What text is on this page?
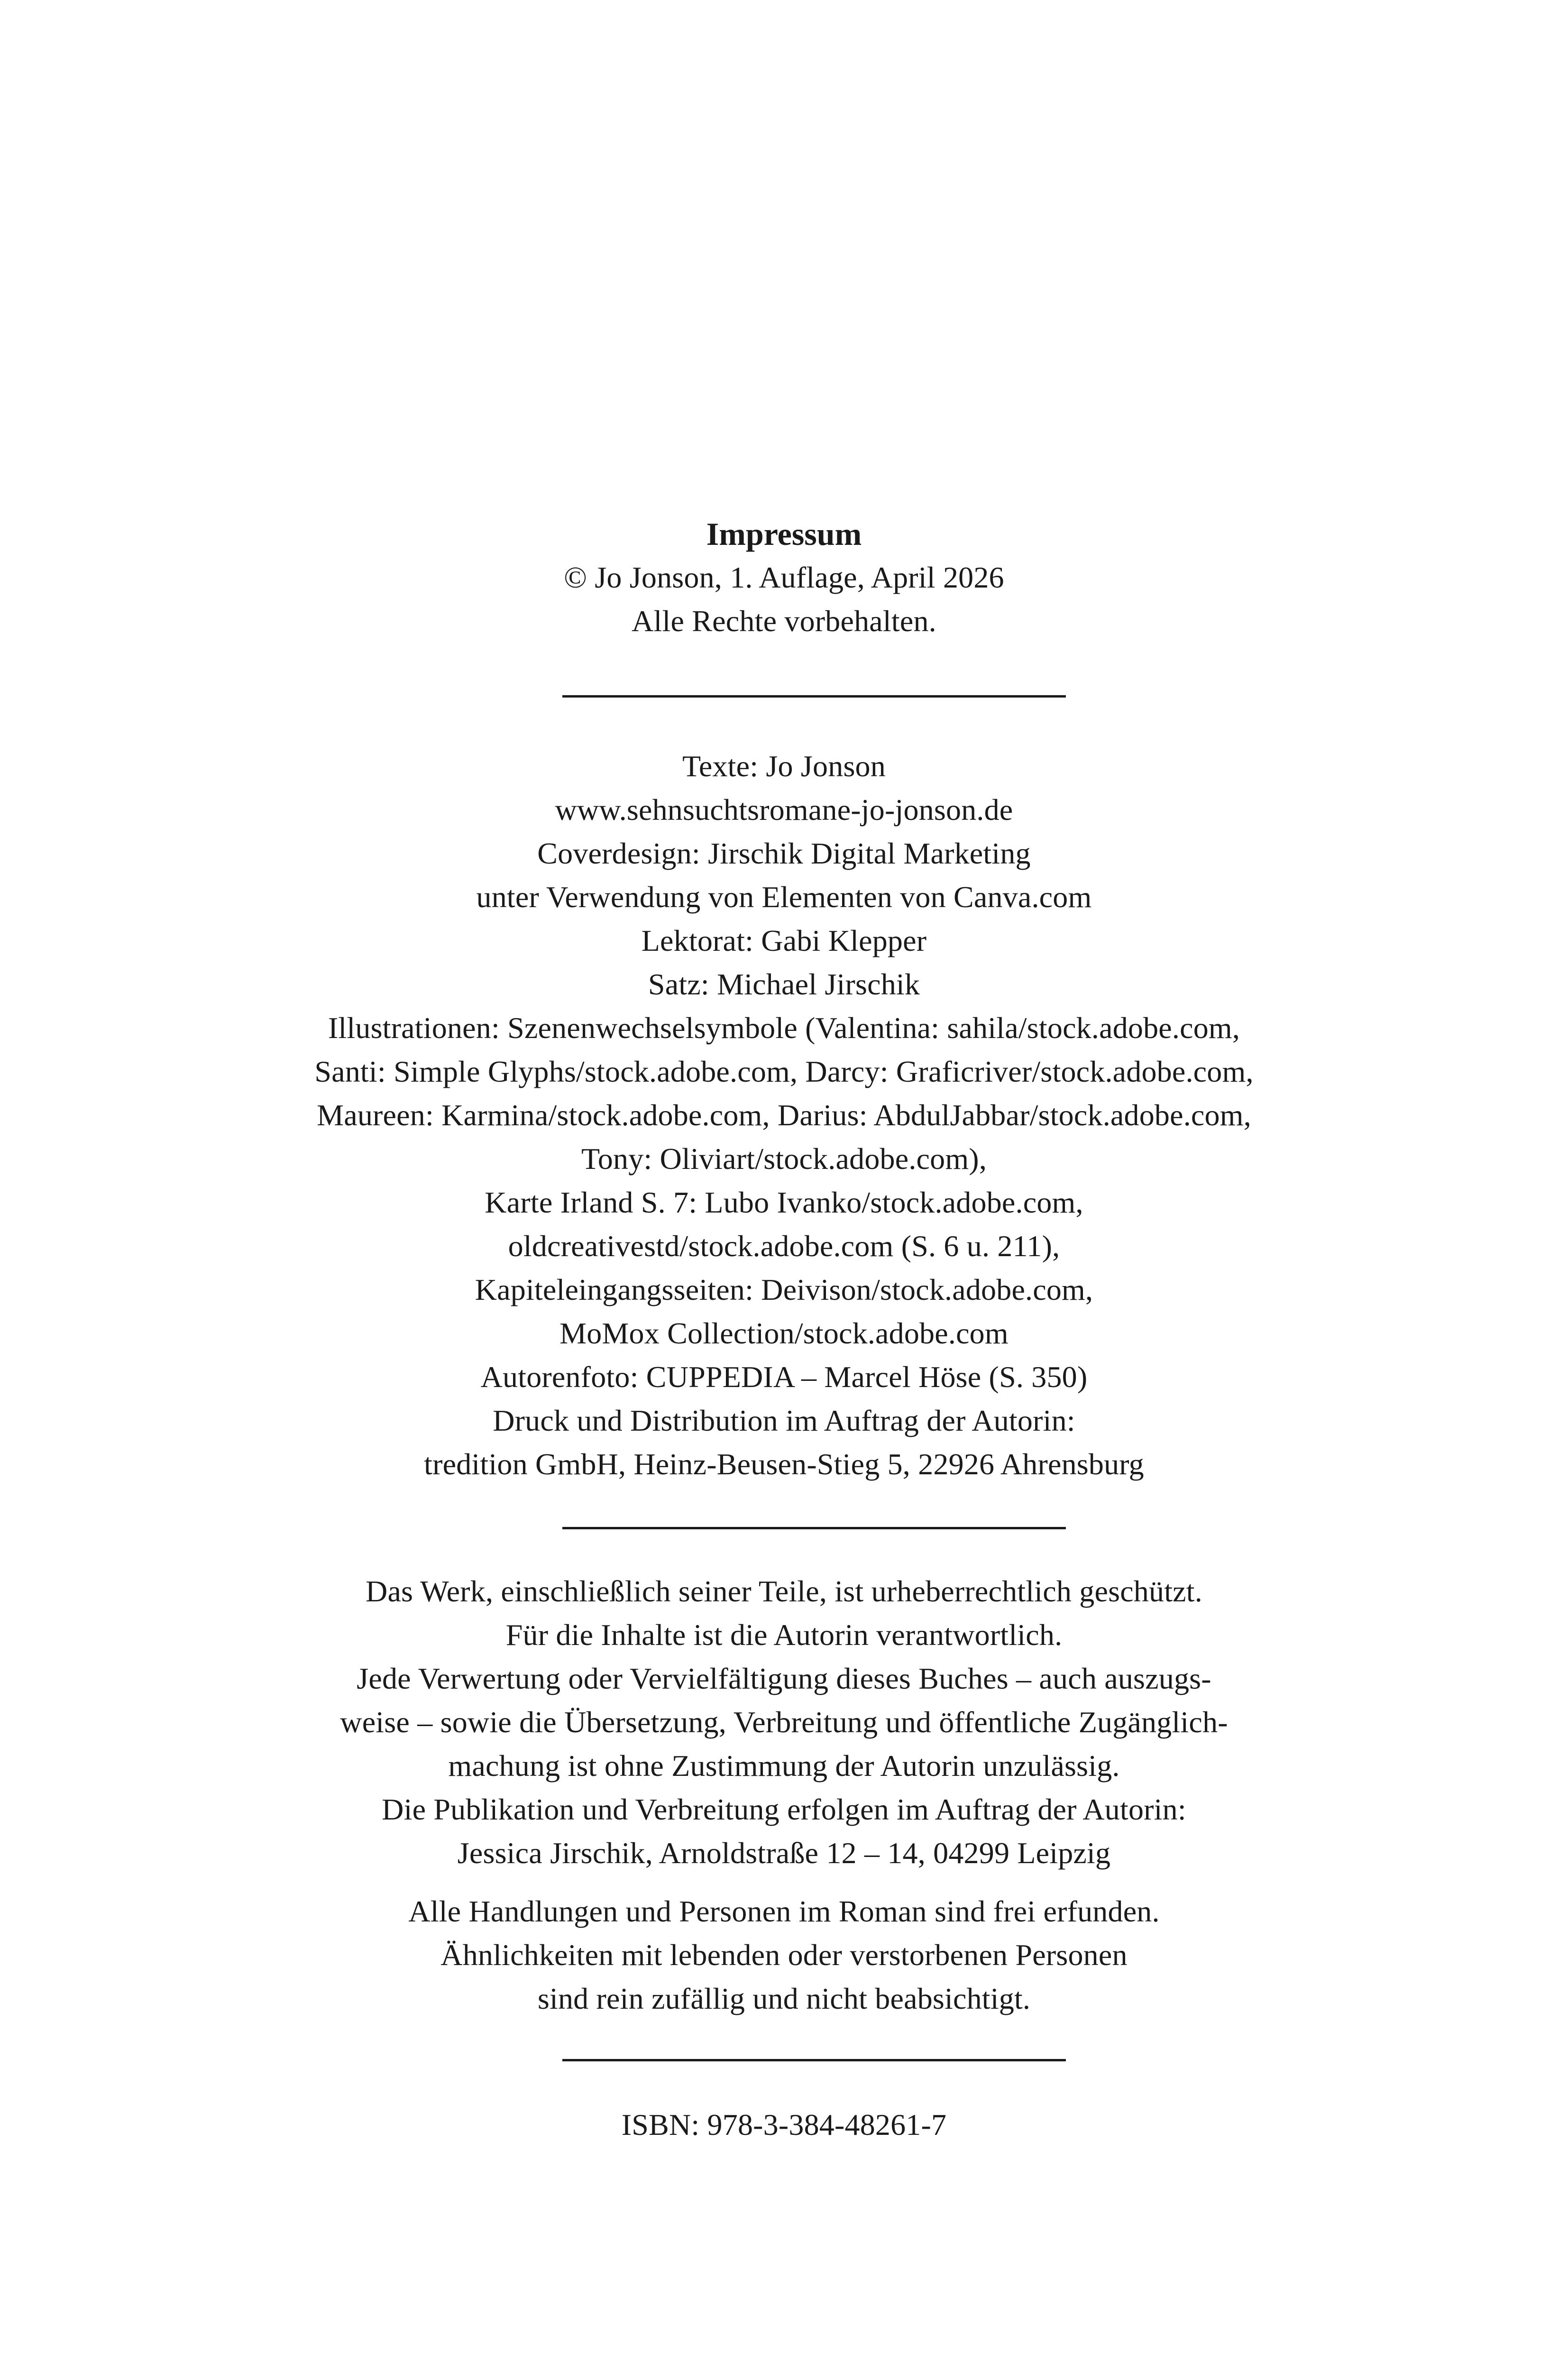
Impressum
© Jo Jonson, 1. Auflage, April 2026
Alle Rechte vorbehalten.
Texte: Jo Jonson
www.sehnsuchtsromane-jo-jonson.de
Coverdesign: Jirschik Digital Marketing
unter Verwendung von Elementen von Canva.com
Lektorat: Gabi Klepper
Satz: Michael Jirschik
Illustrationen: Szenenwechselsymbole (Valentina: sahila/stock.adobe.com,
Santi: Simple Glyphs/stock.adobe.com, Darcy: Graficriver/stock.adobe.com,
Maureen: Karmina/stock.adobe.com, Darius: AbdulJabbar/stock.adobe.com,
Tony: Oliviart/stock.adobe.com),
Karte Irland S. 7: Lubo Ivanko/stock.adobe.com,
oldcreativestd/stock.adobe.com (S. 6 u. 211),
Kapiteleingangsseiten: Deivison/stock.adobe.com,
MoMox Collection/stock.adobe.com
Autorenfoto: CUPPEDIA – Marcel Höse (S. 350)
Druck und Distribution im Auftrag der Autorin:
tredition GmbH, Heinz-Beusen-Stieg 5, 22926 Ahrensburg
Das Werk, einschließlich seiner Teile, ist urheberrechtlich geschützt.
Für die Inhalte ist die Autorin verantwortlich.
Jede Verwertung oder Vervielfältigung dieses Buches – auch auszugs-
weise – sowie die Übersetzung, Verbreitung und öffentliche Zugänglich-
machung ist ohne Zustimmung der Autorin unzulässig.
Die Publikation und Verbreitung erfolgen im Auftrag der Autorin:
Jessica Jirschik, Arnoldstraße 12 – 14, 04299 Leipzig
Alle Handlungen und Personen im Roman sind frei erfunden.
Ähnlichkeiten mit lebenden oder verstorbenen Personen
sind rein zufällig und nicht beabsichtigt.
ISBN: 978-3-384-48261-7
